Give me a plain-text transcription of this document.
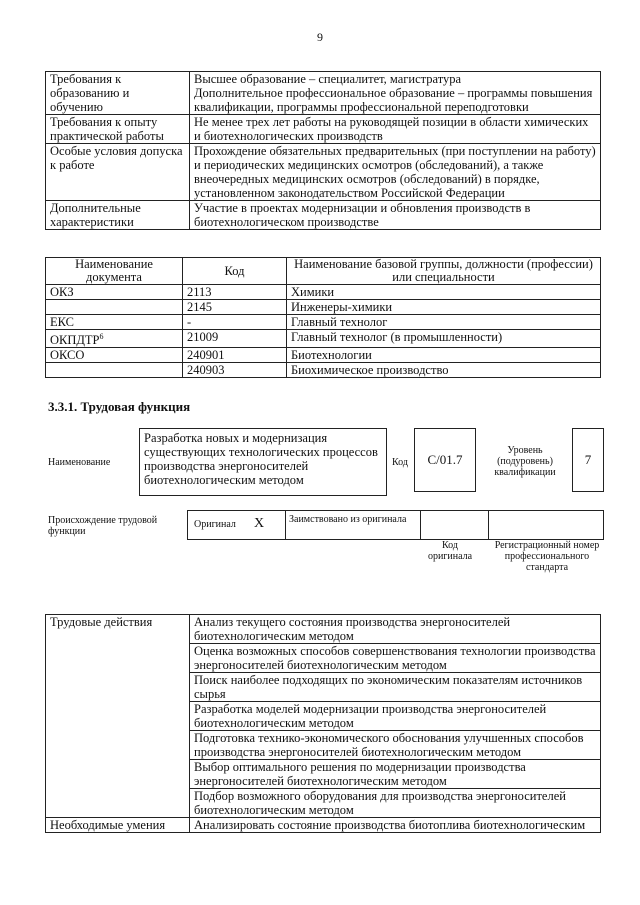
9
Требования к образованию и обучению	Высшее образование – специалитет, магистратура
Дополнительное профессиональное образование – программы повышения квалификации, программы профессиональной переподготовки

Требования к опыту практической работы	Не менее трех лет работы на руководящей позиции в области химических и биотехнологических производств
Особые условия допуска к работе	Прохождение обязательных предварительных (при поступлении на работу) и периодических медицинских осмотров (обследований), а также внеочередных медицинских осмотров (обследований) в порядке, установленном законодательством Российской Федерации
Дополнительные характеристики	Участие в проектах модернизации и обновления производств в биотехнологическом производстве
Наименование документа	Код	Наименование базовой группы, должности (профессии) или специальности
ОКЗ	2113	Химики
	2145	Инженеры-химики
ЕКС	-	Главный технолог
ОКПДТР$^6$	21009	Главный технолог (в промышленности)
ОКСО	240901	Биотехнологии
	240903	Биохимическое производство
3.3.1. Трудовая функция
Наименование
Разработка новых и модернизация существующих технологических процессов производства энергоносителей биотехнологическим методом
Код	С/01.7
Уровень (подуровень) квалификации
7
Происхождение трудовой функции
Оригинал X Заимствовано из оригинала
Код оригинала
Регистрационный номер профессионального стандарта
Трудовые действия	Анализ текущего состояния производства энергоносителей биотехнологическим методом
	Оценка возможных способов совершенствования технологии производства энергоносителей биотехнологическим методом
	Поиск наиболее подходящих по экономическим показателям источников сырья
	Разработка моделей модернизации производства энергоносителей биотехнологическим методом
	Подготовка технико-экономического обоснования улучшенных способов производства энергоносителей биотехнологическим методом
	Выбор оптимального решения по модернизации производства энергоносителей биотехнологическим методом
	Подбор возможного оборудования для производства энергоносителей биотехнологическим методом
Необходимые умения	Анализировать состояние производства биотоплива биотехнологическим
